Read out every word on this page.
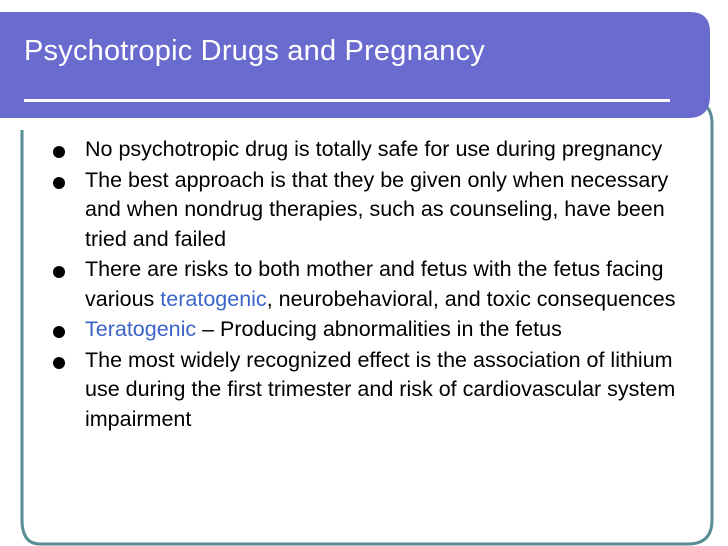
Psychotropic Drugs and Pregnancy
No psychotropic drug is totally safe for use during pregnancy
The best approach is that they be given only when necessary and when nondrug therapies, such as counseling, have been tried and failed
There are risks to both mother and fetus with the fetus facing various teratogenic, neurobehavioral, and toxic consequences
Teratogenic – Producing abnormalities in the fetus
The most widely recognized effect is the association of lithium use during the first trimester and risk of cardiovascular system impairment
